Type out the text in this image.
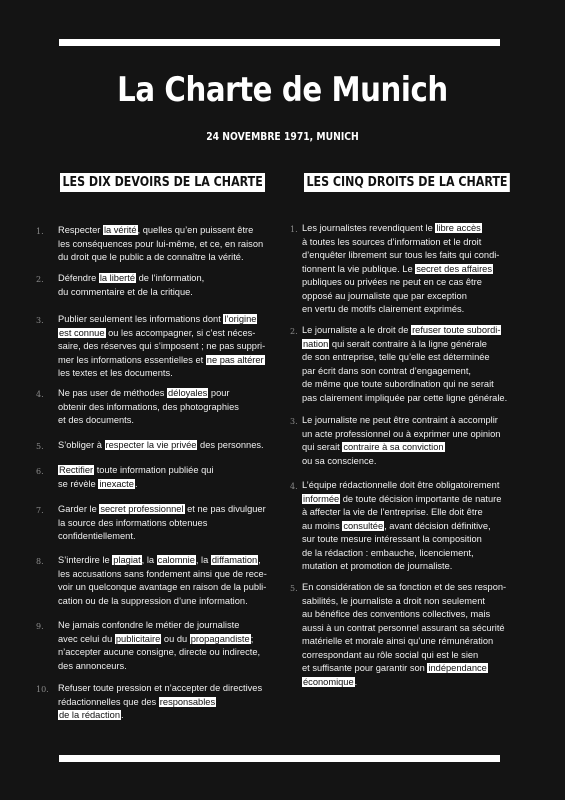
La Charte de Munich
24 NOVEMBRE 1971, MUNICH
LES DIX DEVOIRS DE LA CHARTE	LES CINQ DROITS DE LA CHARTE
1.	Respecter la vérité, quelles qu’en puissent être
les conséquences pour lui-même, et ce, en raison
du droit que le public a de connaître la vérité.
2.	Défendre la liberté de l’information,
du commentaire et de la critique.
3.	Publier seulement les informations dont l’origine
est connue ou les accompagner, si c’est néces-
saire, des réserves qui s’imposent ; ne pas suppri-
mer les informations essentielles et ne pas altérer
les textes et les documents.
4.	Ne pas user de méthodes déloyales pour
obtenir des informations, des photographies
et des documents.
5.	S’obliger à respecter la vie privée des personnes.
6.	Rectifier toute information publiée qui
se révèle inexacte.
7.	Garder le secret professionnel et ne pas divulguer
la source des informations obtenues
confidentiellement.
8.	S’interdire le plagiat, la calomnie, la diffamation,
les accusations sans fondement ainsi que de rece-
voir un quelconque avantage en raison de la publi-
cation ou de la suppression d’une information.
9.	Ne jamais confondre le métier de journaliste
avec celui du publicitaire ou du propagandiste;
n’accepter aucune consigne, directe ou indirecte,
des annonceurs.
10. Refuser toute pression et n’accepter de directives
rédactionnelles que des responsables
de la rédaction.
1. Les journalistes revendiquent le libre accès
à toutes les sources d’information et le droit
d’enquêter librement sur tous les faits qui condi-
tionnent la vie publique. Le secret des affaires
publiques ou privées ne peut en ce cas être
opposé au journaliste que par exception
en vertu de motifs clairement exprimés.
2. Le journaliste a le droit de refuser toute subordi-
nation qui serait contraire à la ligne générale
de son entreprise, telle qu’elle est déterminée
par écrit dans son contrat d’engagement,
de même que toute subordination qui ne serait
pas clairement impliquée par cette ligne générale.
3. Le journaliste ne peut être contraint à accomplir
un acte professionnel ou à exprimer une opinion
qui serait contraire à sa conviction
ou sa conscience.
4. L’équipe rédactionnelle doit être obligatoirement
informée de toute décision importante de nature
à affecter la vie de l’entreprise. Elle doit être
au moins consultée, avant décision définitive,
sur toute mesure intéressant la composition
de la rédaction : embauche, licenciement,
mutation et promotion de journaliste.
5. En considération de sa fonction et de ses respon-
sabilités, le journaliste a droit non seulement
au bénéfice des conventions collectives, mais
aussi à un contrat personnel assurant sa sécurité
matérielle et morale ainsi qu’une rémunération
correspondant au rôle social qui est le sien
et suffisante pour garantir son indépendance
économique.
